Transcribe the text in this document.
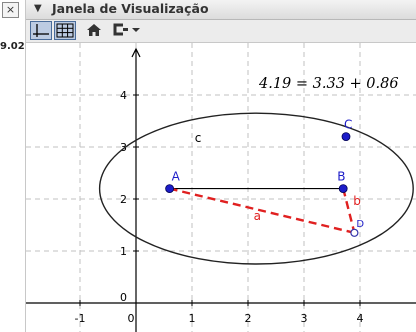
×
9.02
▼ Janela de Visualização
-1	0	1	2	3	4
4
3
2
1
0
A	B
C
D
a
b
c
4.19 = 3.33 + 0.86
